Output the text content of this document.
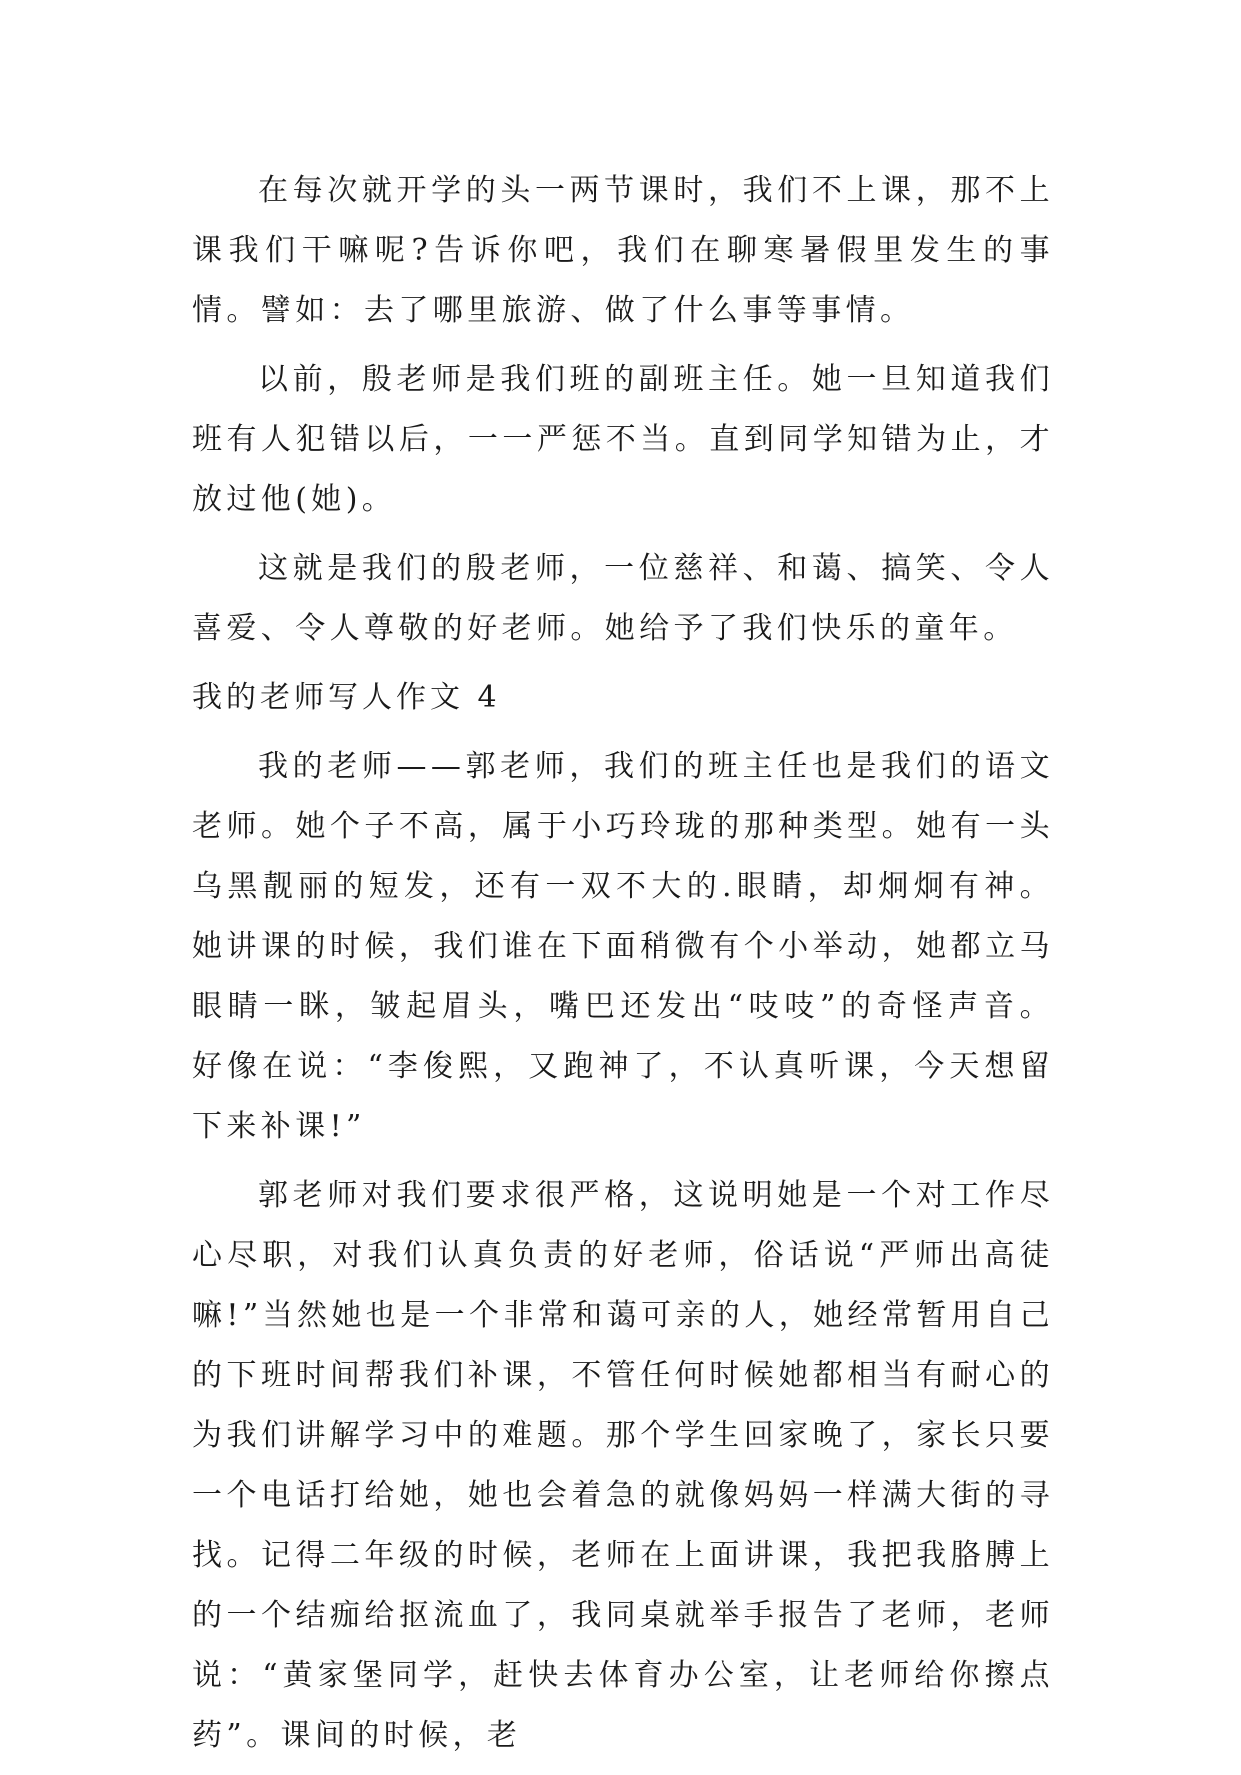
在每次就开学的头一两节课时，我们不上课，那不上课我们干嘛呢?告诉你吧，我们在聊寒暑假里发生的事情。譬如：去了哪里旅游、做了什么事等事情。

以前，殷老师是我们班的副班主任。她一旦知道我们班有人犯错以后，一一严惩不当。直到同学知错为止，才放过他(她)。

这就是我们的殷老师，一位慈祥、和蔼、搞笑、令人喜爱、令人尊敬的好老师。她给予了我们快乐的童年。

我的老师写人作文 4

我的老师——郭老师，我们的班主任也是我们的语文老师。她个子不高，属于小巧玲珑的那种类型。她有一头乌黑靓丽的短发，还有一双不大的.眼睛，却炯炯有神。她讲课的时候，我们谁在下面稍微有个小举动，她都立马眼睛一眯，皱起眉头，嘴巴还发出“吱吱”的奇怪声音。好像在说：“李俊熙，又跑神了，不认真听课，今天想留下来补课!”

郭老师对我们要求很严格，这说明她是一个对工作尽心尽职，对我们认真负责的好老师，俗话说“严师出高徒嘛!”当然她也是一个非常和蔼可亲的人，她经常暂用自己的下班时间帮我们补课，不管任何时候她都相当有耐心的为我们讲解学习中的难题。那个学生回家晚了，家长只要一个电话打给她，她也会着急的就像妈妈一样满大街的寻找。记得二年级的时候，老师在上面讲课，我把我胳膊上的一个结痂给抠流血了，我同桌就举手报告了老师，老师说：“黄家堡同学，赶快去体育办公室，让老师给你擦点药”。课间的时候，老
